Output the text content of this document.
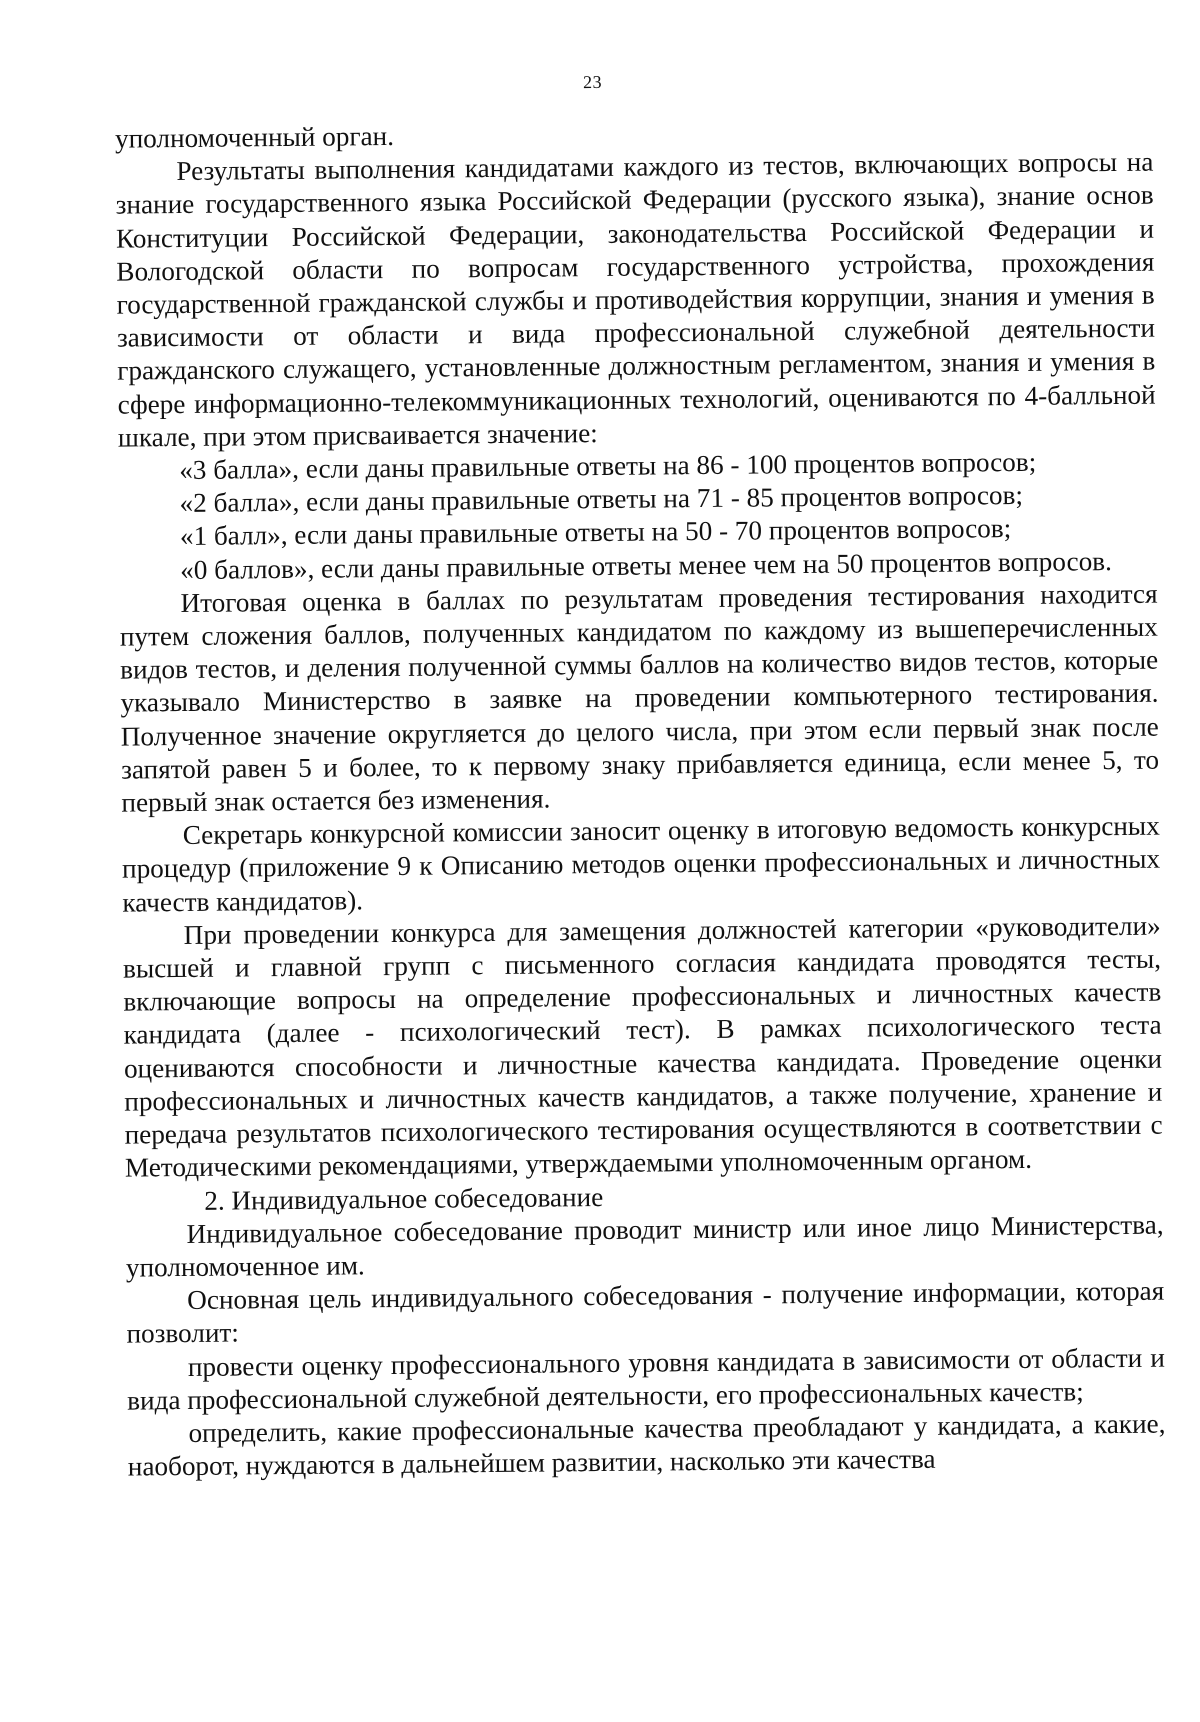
23

уполномоченный орган.

Результаты выполнения кандидатами каждого из тестов, включающих вопросы на знание государственного языка Российской Федерации (русского языка), знание основ Конституции Российской Федерации, законодательства Российской Федерации и Вологодской области по вопросам государственного устройства, прохождения государственной гражданской службы и противодействия коррупции, знания и умения в зависимости от области и вида профессиональной служебной деятельности гражданского служащего, установленные должностным регламентом, знания и умения в сфере информационно-телекоммуникационных технологий, оцениваются по 4-балльной шкале, при этом присваивается значение:

«3 балла», если даны правильные ответы на 86 - 100 процентов вопросов;

«2 балла», если даны правильные ответы на 71 - 85 процентов вопросов;

«1 балл», если даны правильные ответы на 50 - 70 процентов вопросов;

«0 баллов», если даны правильные ответы менее чем на 50 процентов вопросов.

Итоговая оценка в баллах по результатам проведения тестирования находится путем сложения баллов, полученных кандидатом по каждому из вышеперечисленных видов тестов, и деления полученной суммы баллов на количество видов тестов, которые указывало Министерство в заявке на проведении компьютерного тестирования. Полученное значение округляется до целого числа, при этом если первый знак после запятой равен 5 и более, то к первому знаку прибавляется единица, если менее 5, то первый знак остается без изменения.

Секретарь конкурсной комиссии заносит оценку в итоговую ведомость конкурсных процедур (приложение 9 к Описанию методов оценки профессиональных и личностных качеств кандидатов).

При проведении конкурса для замещения должностей категории «руководители» высшей и главной групп с письменного согласия кандидата проводятся тесты, включающие вопросы на определение профессиональных и личностных качеств кандидата (далее - психологический тест). В рамках психологического теста оцениваются способности и личностные качества кандидата. Проведение оценки профессиональных и личностных качеств кандидатов, а также получение, хранение и передача результатов психологического тестирования осуществляются в соответствии с Методическими рекомендациями, утверждаемыми уполномоченным органом.

2. Индивидуальное собеседование

Индивидуальное собеседование проводит министр или иное лицо Министерства, уполномоченное им.

Основная цель индивидуального собеседования - получение информации, которая позволит:

провести оценку профессионального уровня кандидата в зависимости от области и вида профессиональной служебной деятельности, его профессиональных качеств;

определить, какие профессиональные качества преобладают у кандидата, а какие, наоборот, нуждаются в дальнейшем развитии, насколько эти качества
